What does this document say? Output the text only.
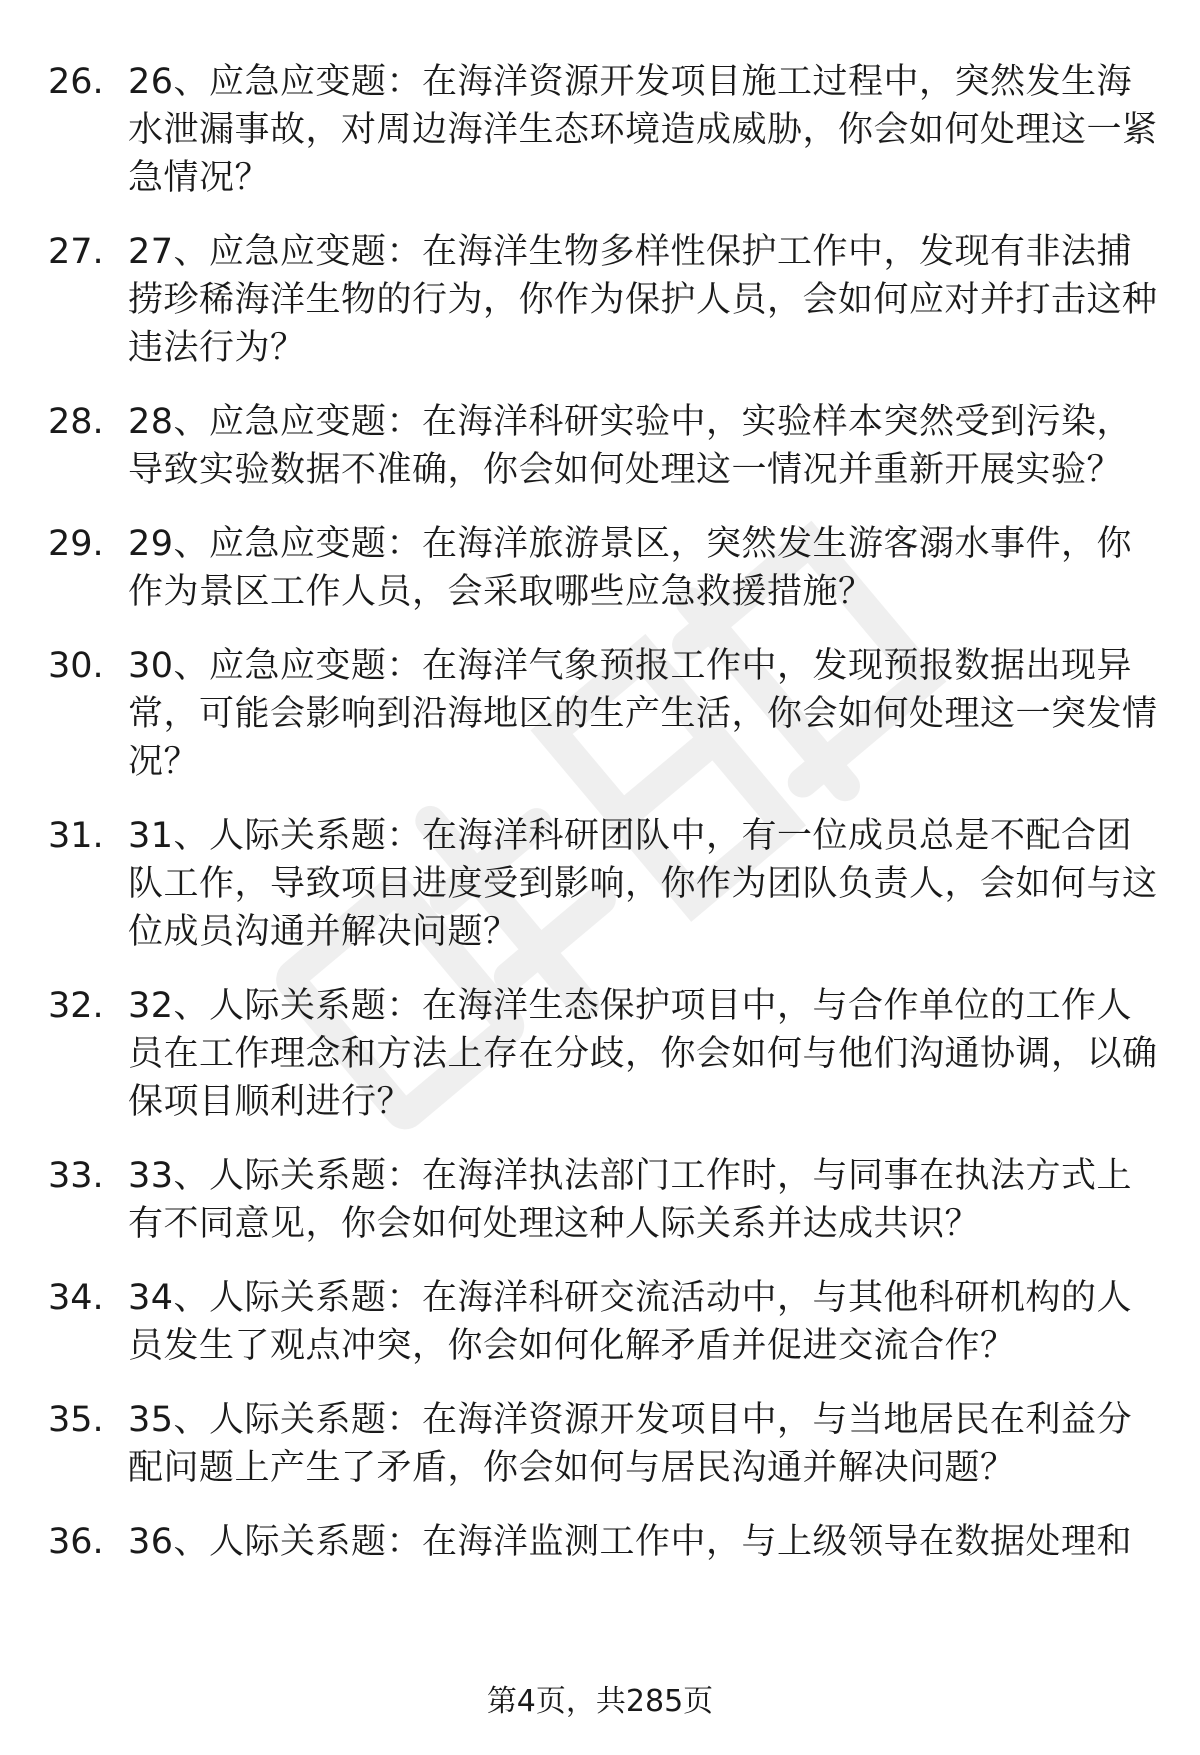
26. 26、应急应变题：在海洋资源开发项目施工过程中，突然发生海水泄漏事故，对周边海洋生态环境造成威胁，你会如何处理这一紧急情况？
27. 27、应急应变题：在海洋生物多样性保护工作中，发现有非法捕捞珍稀海洋生物的行为，你作为保护人员，会如何应对并打击这种违法行为？
28. 28、应急应变题：在海洋科研实验中，实验样本突然受到污染，导致实验数据不准确，你会如何处理这一情况并重新开展实验？
29. 29、应急应变题：在海洋旅游景区，突然发生游客溺水事件，你作为景区工作人员，会采取哪些应急救援措施？
30. 30、应急应变题：在海洋气象预报工作中，发现预报数据出现异常，可能会影响到沿海地区的生产生活，你会如何处理这一突发情况？
31. 31、人际关系题：在海洋科研团队中，有一位成员总是不配合团队工作，导致项目进度受到影响，你作为团队负责人，会如何与这位成员沟通并解决问题？
32. 32、人际关系题：在海洋生态保护项目中，与合作单位的工作人员在工作理念和方法上存在分歧，你会如何与他们沟通协调，以确保项目顺利进行？
33. 33、人际关系题：在海洋执法部门工作时，与同事在执法方式上有不同意见，你会如何处理这种人际关系并达成共识？
34. 34、人际关系题：在海洋科研交流活动中，与其他科研机构的人员发生了观点冲突，你会如何化解矛盾并促进交流合作？
35. 35、人际关系题：在海洋资源开发项目中，与当地居民在利益分配问题上产生了矛盾，你会如何与居民沟通并解决问题？
36. 36、人际关系题：在海洋监测工作中，与上级领导在数据处理和
第4页，共285页
